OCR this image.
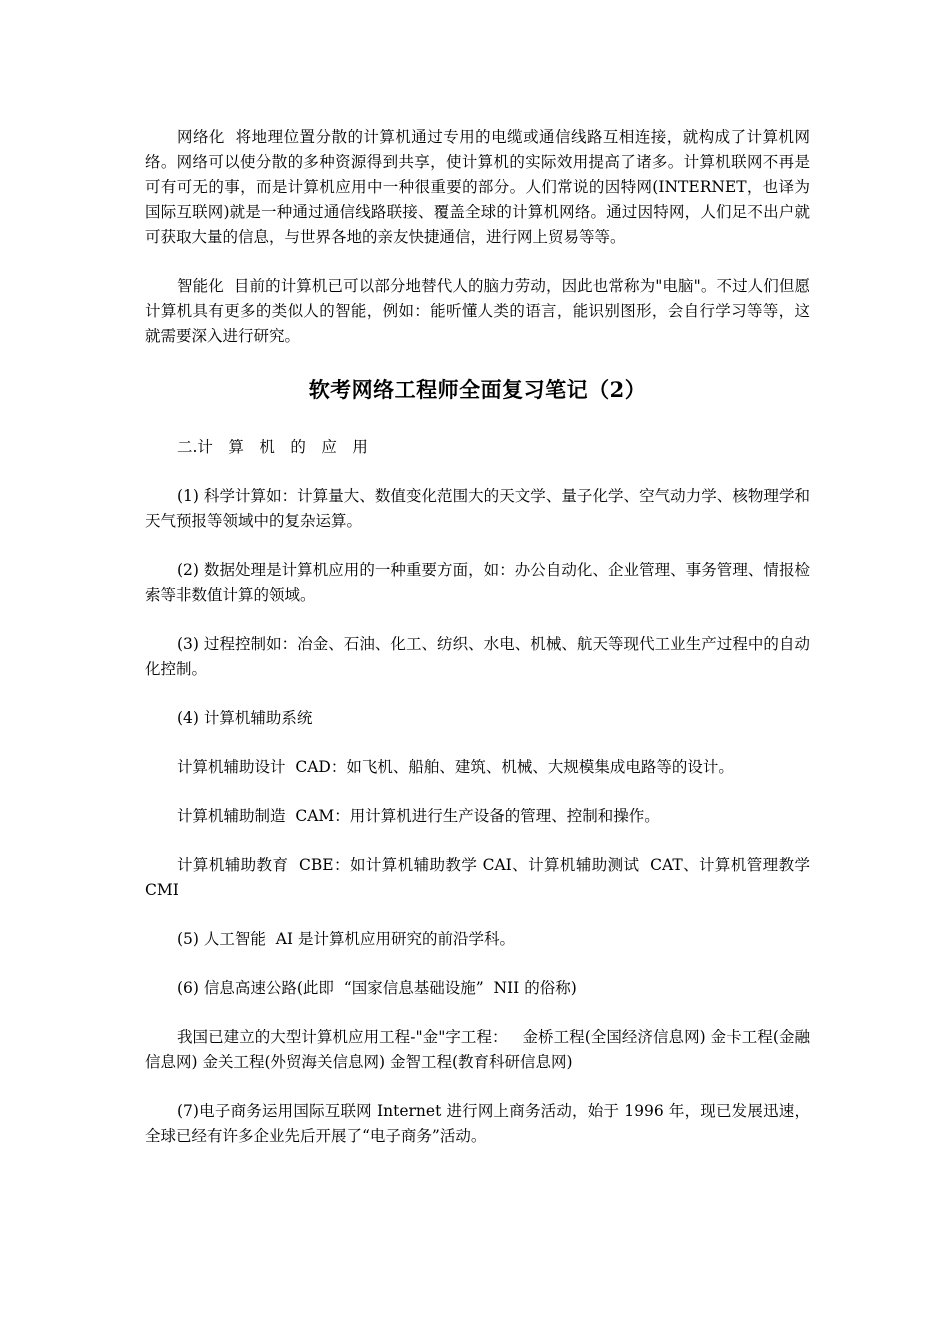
网络化  将地理位置分散的计算机通过专用的电缆或通信线路互相连接，就构成了计算机网络。网络可以使分散的多种资源得到共享，使计算机的实际效用提高了诸多。计算机联网不再是可有可无的事，而是计算机应用中一种很重要的部分。人们常说的因特网(INTERNET，也译为国际互联网)就是一种通过通信线路联接、覆盖全球的计算机网络。通过因特网，人们足不出户就可获取大量的信息，与世界各地的亲友快捷通信，进行网上贸易等等。

智能化  目前的计算机已可以部分地替代人的脑力劳动，因此也常称为"电脑"。不过人们但愿计算机具有更多的类似人的智能，例如：能听懂人类的语言，能识别图形，会自行学习等等，这就需要深入进行研究。

软考网络工程师全面复习笔记（2）

二.计　算　机　的　应　用

(1) 科学计算如：计算量大、数值变化范围大的天文学、量子化学、空气动力学、核物理学和天气预报等领域中的复杂运算。

(2) 数据处理是计算机应用的一种重要方面，如：办公自动化、企业管理、事务管理、情报检索等非数值计算的领域。

(3) 过程控制如：冶金、石油、化工、纺织、水电、机械、航天等现代工业生产过程中的自动化控制。

(4) 计算机辅助系统

计算机辅助设计  CAD：如飞机、船舶、建筑、机械、大规模集成电路等的设计。

计算机辅助制造  CAM：用计算机进行生产设备的管理、控制和操作。

计算机辅助教育  CBE：如计算机辅助教学 CAI、计算机辅助测试  CAT、计算机管理教学  CMI

(5) 人工智能  AI 是计算机应用研究的前沿学科。

(6) 信息高速公路(此即  “国家信息基础设施”  NII 的俗称)

我国已建立的大型计算机应用工程-"金"字工程：   金桥工程(全国经济信息网) 金卡工程(金融信息网) 金关工程(外贸海关信息网) 金智工程(教育科研信息网)

(7)电子商务运用国际互联网 Internet 进行网上商务活动，始于 1996 年，现已发展迅速，全球已经有许多企业先后开展了“电子商务”活动。
